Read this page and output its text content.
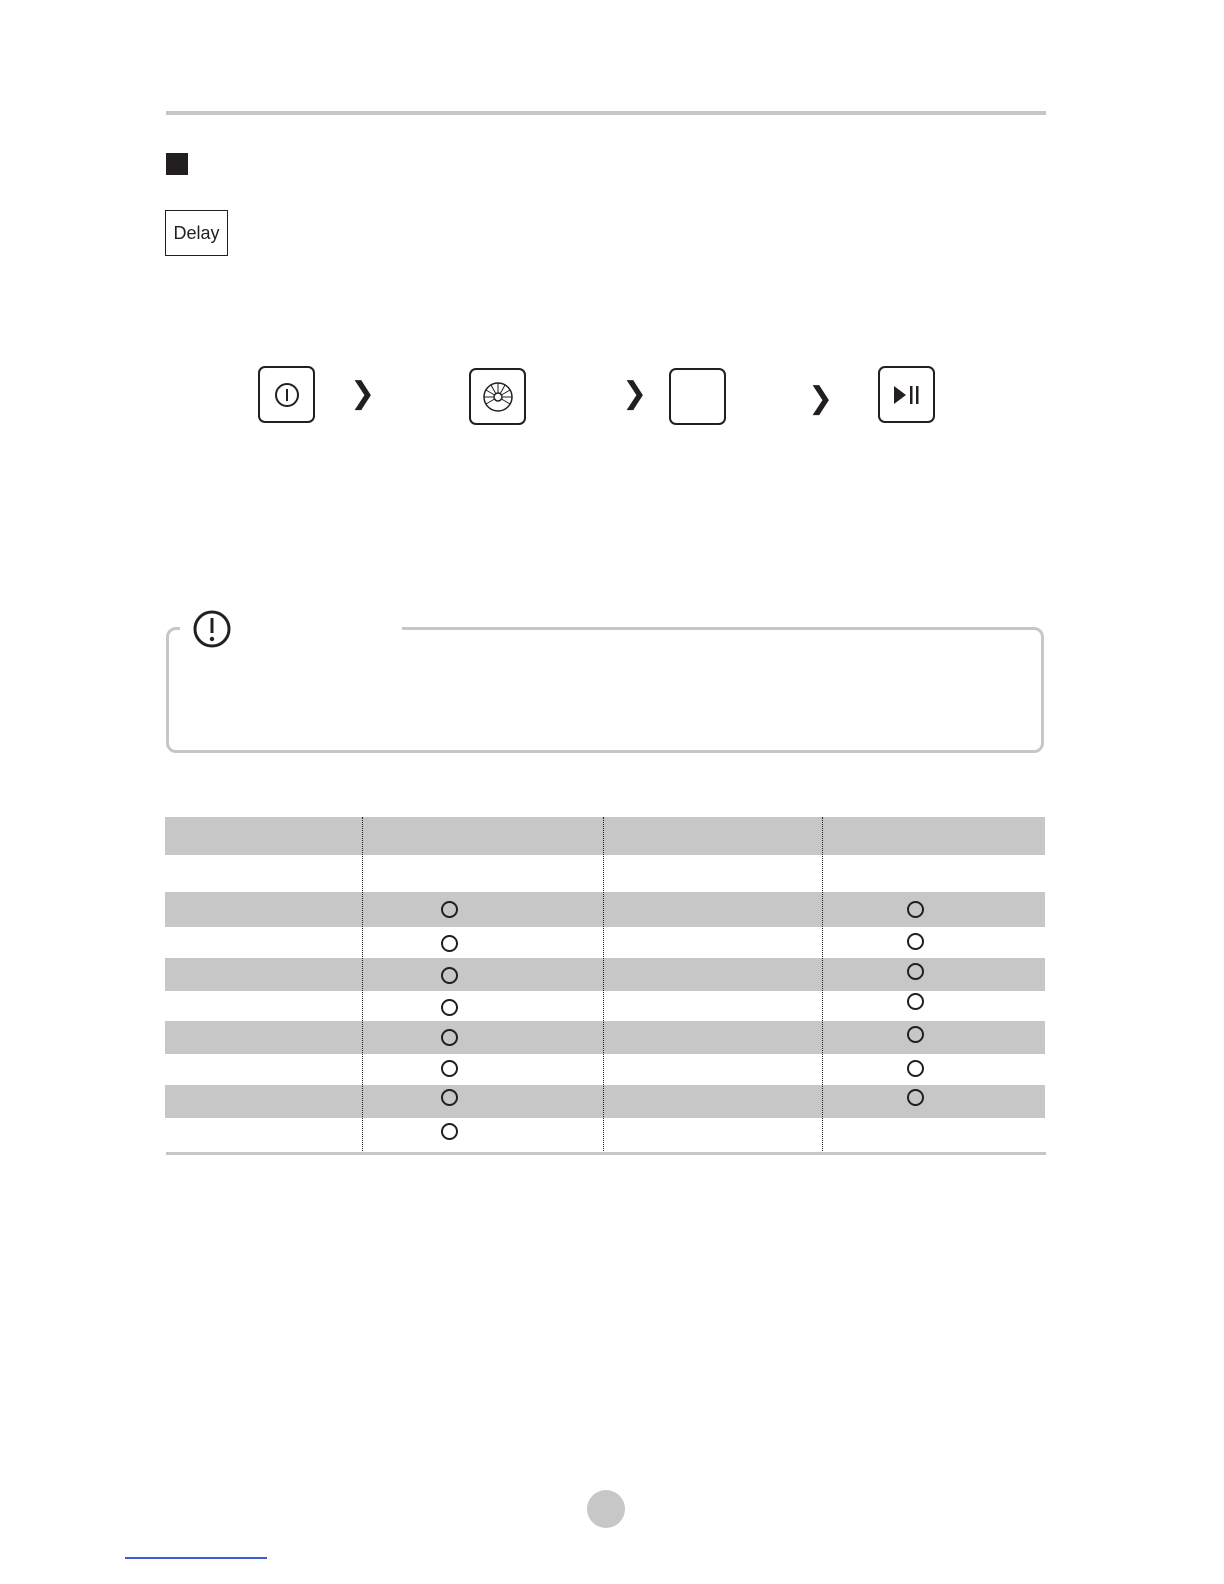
Delay
❯	❯	❯
